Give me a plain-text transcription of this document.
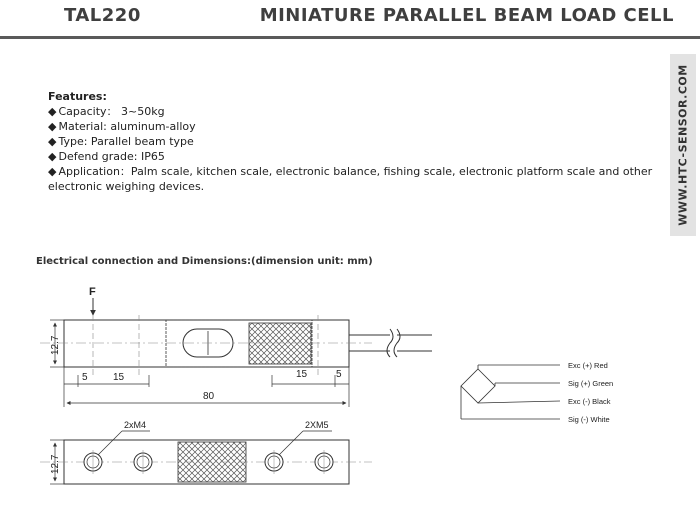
TAL220	MINIATURE PARALLEL BEAM LOAD CELL
Features:
◆ Capacity： 3~50kg
◆ Material: aluminum-alloy
◆ Type: Parallel beam type
◆ Defend grade: IP65
◆ Application：Palm scale, kitchen scale, electronic balance, fishing scale, electronic platform scale and other electronic weighing devices.	WWW.HTC-SENSOR.COM
Electrical connection and Dimensions:(dimension unit: mm)
F
12.7
5	15	15	5
80
Exc (+) Red
Sig (+) Green
Exc (-) Black
Sig (-) White
2xM4	2XM5
12.7
